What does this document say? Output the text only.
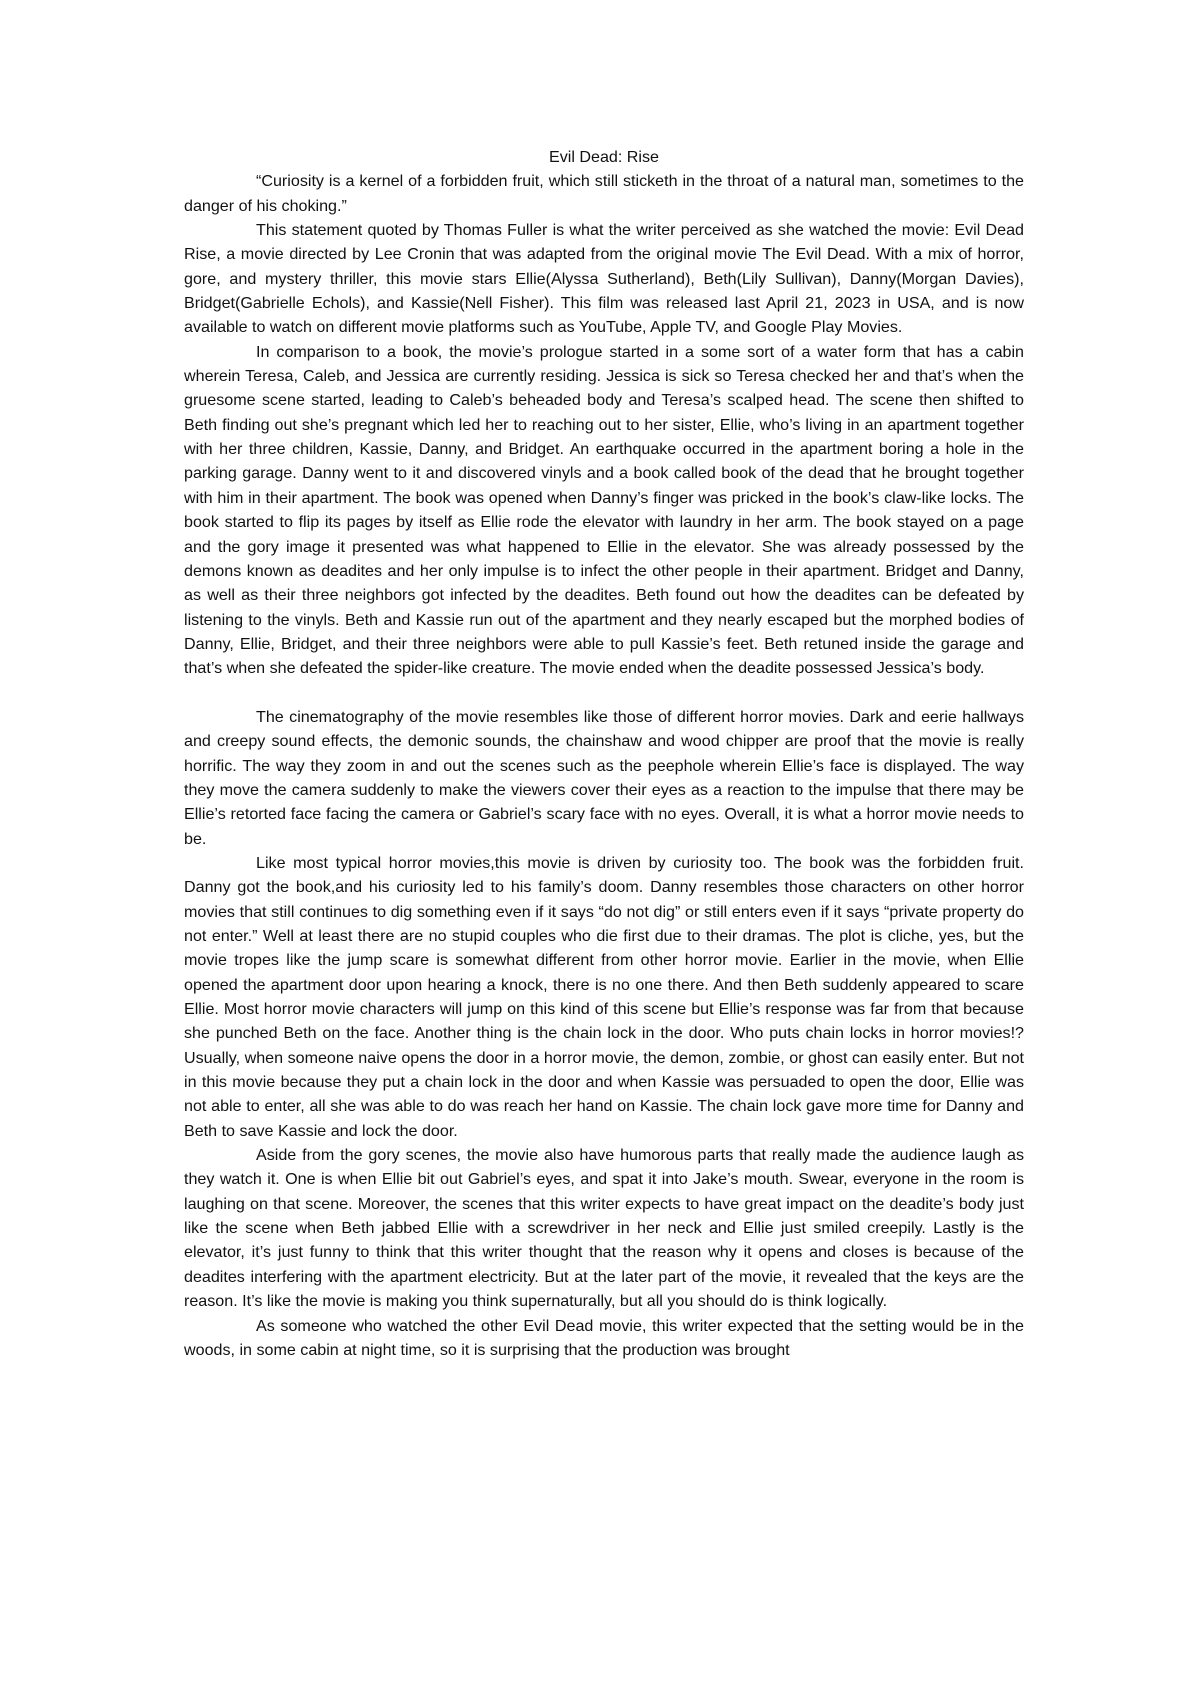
Evil Dead: Rise

“Curiosity is a kernel of a forbidden fruit, which still sticketh in the throat of a natural man, sometimes to the danger of his choking.”

This statement quoted by Thomas Fuller is what the writer perceived as she watched the movie: Evil Dead Rise, a movie directed by Lee Cronin that was adapted from the original movie The Evil Dead. With a mix of horror, gore, and mystery thriller, this movie stars Ellie(Alyssa Sutherland), Beth(Lily Sullivan), Danny(Morgan Davies), Bridget(Gabrielle Echols), and Kassie(Nell Fisher). This film was released last April 21, 2023 in USA, and is now available to watch on different movie platforms such as YouTube, Apple TV, and Google Play Movies.

In comparison to a book, the movie’s prologue started in a some sort of a water form that has a cabin wherein Teresa, Caleb, and Jessica are currently residing. Jessica is sick so Teresa checked her and that’s when the gruesome scene started, leading to Caleb’s beheaded body and Teresa’s scalped head. The scene then shifted to Beth finding out she’s pregnant which led her to reaching out to her sister, Ellie, who’s living in an apartment together with her three children, Kassie, Danny, and Bridget. An earthquake occurred in the apartment boring a hole in the parking garage. Danny went to it and discovered vinyls and a book called book of the dead that he brought together with him in their apartment. The book was opened when Danny’s finger was pricked in the book’s claw-like locks. The book started to flip its pages by itself as Ellie rode the elevator with laundry in her arm. The book stayed on a page and the gory image it presented was what happened to Ellie in the elevator. She was already possessed by the demons known as deadites and her only impulse is to infect the other people in their apartment. Bridget and Danny, as well as their three neighbors got infected by the deadites. Beth found out how the deadites can be defeated by listening to the vinyls. Beth and Kassie run out of the apartment and they nearly escaped but the morphed bodies of Danny, Ellie, Bridget, and their three neighbors were able to pull Kassie’s feet. Beth retuned inside the garage and that’s when she defeated the spider-like creature. The movie ended when the deadite possessed Jessica’s body.

The cinematography of the movie resembles like those of different horror movies. Dark and eerie hallways and creepy sound effects, the demonic sounds, the chainshaw and wood chipper are proof that the movie is really horrific. The way they zoom in and out the scenes such as the peephole wherein Ellie’s face is displayed. The way they move the camera suddenly to make the viewers cover their eyes as a reaction to the impulse that there may be Ellie’s retorted face facing the camera or Gabriel’s scary face with no eyes. Overall, it is what a horror movie needs to be.

Like most typical horror movies,this movie is driven by curiosity too. The book was the forbidden fruit. Danny got the book,and his curiosity led to his family’s doom. Danny resembles those characters on other horror movies that still continues to dig something even if it says “do not dig” or still enters even if it says “private property do not enter.” Well at least there are no stupid couples who die first due to their dramas. The plot is cliche, yes, but the movie tropes like the jump scare is somewhat different from other horror movie. Earlier in the movie, when Ellie opened the apartment door upon hearing a knock, there is no one there. And then Beth suddenly appeared to scare Ellie. Most horror movie characters will jump on this kind of this scene but Ellie’s response was far from that because she punched Beth on the face. Another thing is the chain lock in the door. Who puts chain locks in horror movies!? Usually, when someone naive opens the door in a horror movie, the demon, zombie, or ghost can easily enter. But not in this movie because they put a chain lock in the door and when Kassie was persuaded to open the door, Ellie was not able to enter, all she was able to do was reach her hand on Kassie. The chain lock gave more time for Danny and Beth to save Kassie and lock the door.

Aside from the gory scenes, the movie also have humorous parts that really made the audience laugh as they watch it. One is when Ellie bit out Gabriel’s eyes, and spat it into Jake’s mouth. Swear, everyone in the room is laughing on that scene. Moreover, the scenes that this writer expects to have great impact on the deadite’s body just like the scene when Beth jabbed Ellie with a screwdriver in her neck and Ellie just smiled creepily. Lastly is the elevator, it’s just funny to think that this writer thought that the reason why it opens and closes is because of the deadites interfering with the apartment electricity. But at the later part of the movie, it revealed that the keys are the reason. It’s like the movie is making you think supernaturally, but all you should do is think logically.

As someone who watched the other Evil Dead movie, this writer expected that the setting would be in the woods, in some cabin at night time, so it is surprising that the production was brought
